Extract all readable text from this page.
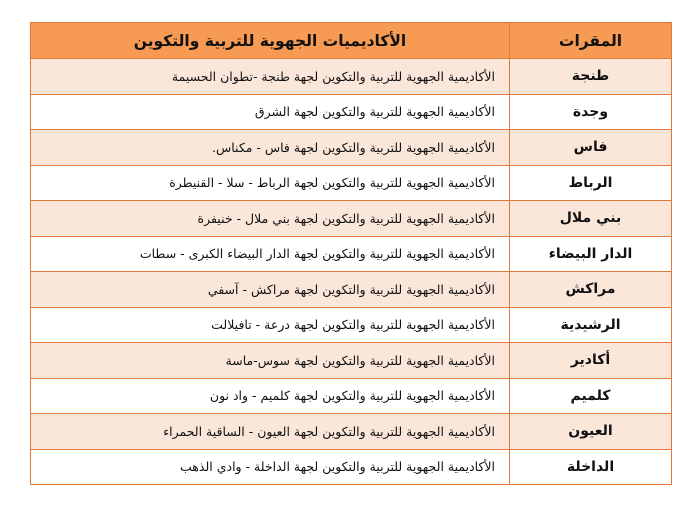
المقرات	الأكاديميات الجهوية للتربية والتكوين
طنجة	الأكاديمية الجهوية للتربية والتكوين لجهة طنجة -تطوان الحسيمة
وجدة	الأكاديمية الجهوية للتربية والتكوين لجهة الشرق
فاس	الأكاديمية الجهوية للتربية والتكوين لجهة فاس - مكناس.
الرباط	الأكاديمية الجهوية للتربية والتكوين لجهة الرباط - سلا - القنيطرة
بني ملال	الأكاديمية الجهوية للتربية والتكوين لجهة بني ملال - خنيفرة
الدار البيضاء	الأكاديمية الجهوية للتربية والتكوين لجهة الدار البيضاء الكبرى - سطات
مراكش	الأكاديمية الجهوية للتربية والتكوين لجهة مراكش - آسفي
الرشيدية	الأكاديمية الجهوية للتربية والتكوين لجهة درعة - تافيلالت
أكادير	الأكاديمية الجهوية للتربية والتكوين لجهة سوس-ماسة
كلميم	الأكاديمية الجهوية للتربية والتكوين لجهة كلميم - واد نون
العيون	الأكاديمية الجهوية للتربية والتكوين لجهة العيون - الساقية الحمراء
الداخلة	الأكاديمية الجهوية للتربية والتكوين لجهة الداخلة - وادي الذهب
